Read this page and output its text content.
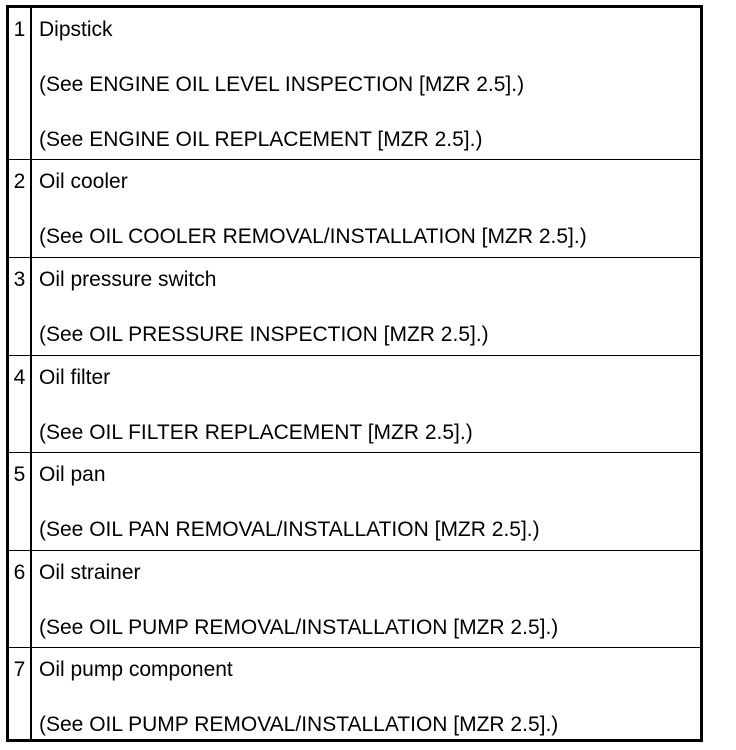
1 Dipstick
(See ENGINE OIL LEVEL INSPECTION [MZR 2.5].)
(See ENGINE OIL REPLACEMENT [MZR 2.5].)
2 Oil cooler
(See OIL COOLER REMOVAL/INSTALLATION [MZR 2.5].)
3 Oil pressure switch
(See OIL PRESSURE INSPECTION [MZR 2.5].)
4 Oil filter
(See OIL FILTER REPLACEMENT [MZR 2.5].)
5 Oil pan
(See OIL PAN REMOVAL/INSTALLATION [MZR 2.5].)
6 Oil strainer
(See OIL PUMP REMOVAL/INSTALLATION [MZR 2.5].)
7 Oil pump component
(See OIL PUMP REMOVAL/INSTALLATION [MZR 2.5].)
